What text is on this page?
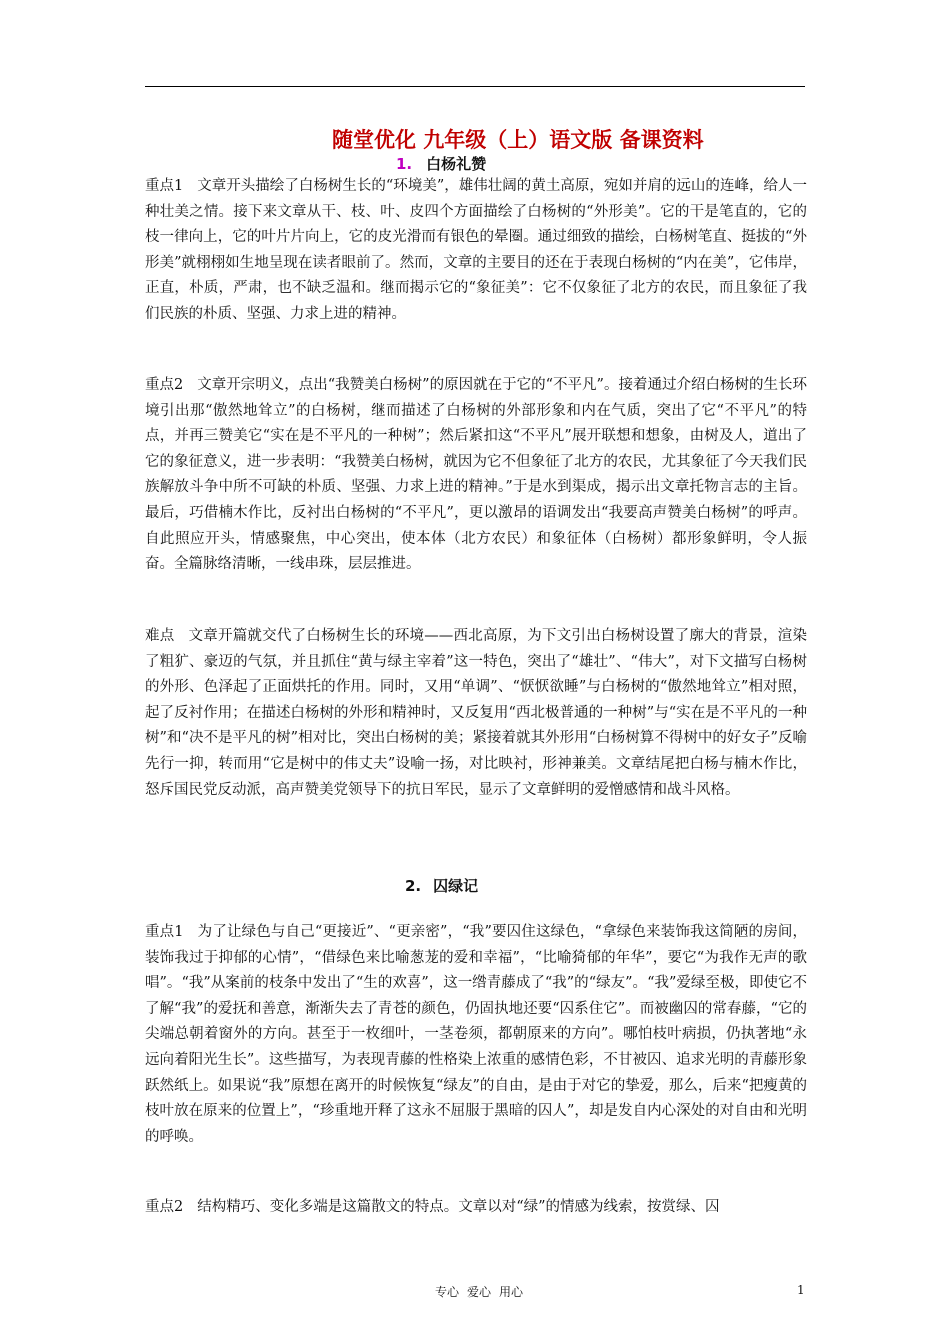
随堂优化 九年级（上）语文版 备课资料
1. 白杨礼赞

重点1 文章开头描绘了白杨树生长的“环境美”，雄伟壮阔的黄土高原，宛如并肩的远山的连峰，给人一种壮美之情。接下来文章从干、枝、叶、皮四个方面描绘了白杨树的“外形美”。它的干是笔直的，它的枝一律向上，它的叶片片向上，它的皮光滑而有银色的晕圈。通过细致的描绘，白杨树笔直、挺拔的“外形美”就栩栩如生地呈现在读者眼前了。然而，文章的主要目的还在于表现白杨树的“内在美”，它伟岸，正直，朴质，严肃，也不缺乏温和。继而揭示它的“象征美”：它不仅象征了北方的农民，而且象征了我们民族的朴质、坚强、力求上进的精神。

重点2 文章开宗明义，点出“我赞美白杨树”的原因就在于它的“不平凡”。接着通过介绍白杨树的生长环境引出那“傲然地耸立”的白杨树，继而描述了白杨树的外部形象和内在气质，突出了它“不平凡”的特点，并再三赞美它“实在是不平凡的一种树”；然后紧扣这“不平凡”展开联想和想象，由树及人，道出了它的象征意义，进一步表明：“我赞美白杨树，就因为它不但象征了北方的农民，尤其象征了今天我们民族解放斗争中所不可缺的朴质、坚强、力求上进的精神。”于是水到渠成，揭示出文章托物言志的主旨。最后，巧借楠木作比，反衬出白杨树的“不平凡”，更以激昂的语调发出“我要高声赞美白杨树”的呼声。自此照应开头，情感聚焦，中心突出，使本体（北方农民）和象征体（白杨树）都形象鲜明，令人振奋。全篇脉络清晰，一线串珠，层层推进。

难点 文章开篇就交代了白杨树生长的环境——西北高原，为下文引出白杨树设置了廓大的背景，渲染了粗犷、豪迈的气氛，并且抓住“黄与绿主宰着”这一特色，突出了“雄壮”、“伟大”，对下文描写白杨树的外形、色泽起了正面烘托的作用。同时，又用“单调”、“恹恹欲睡”与白杨树的“傲然地耸立”相对照，起了反衬作用；在描述白杨树的外形和精神时，又反复用“西北极普通的一种树”与“实在是不平凡的一种树”和“决不是平凡的树”相对比，突出白杨树的美；紧接着就其外形用“白杨树算不得树中的好女子”反喻先行一抑，转而用“它是树中的伟丈夫”设喻一扬，对比映衬，形神兼美。文章结尾把白杨与楠木作比，怒斥国民党反动派，高声赞美党领导下的抗日军民，显示了文章鲜明的爱憎感情和战斗风格。

2. 囚绿记

重点1 为了让绿色与自己“更接近”、“更亲密”，“我”要囚住这绿色，“拿绿色来装饰我这简陋的房间，装饰我过于抑郁的心情”，“借绿色来比喻葱茏的爱和幸福”，“比喻猗郁的年华”，要它“为我作无声的歌唱”。“我”从案前的枝条中发出了“生的欢喜”，这一绺青藤成了“我”的“绿友”。“我”爱绿至极，即使它不了解“我”的爱抚和善意，渐渐失去了青苍的颜色，仍固执地还要“囚系住它”。而被幽囚的常春藤，“它的尖端总朝着窗外的方向。甚至于一枚细叶，一茎卷须，都朝原来的方向”。哪怕枝叶病损，仍执著地“永远向着阳光生长”。这些描写，为表现青藤的性格染上浓重的感情色彩，不甘被囚、追求光明的青藤形象跃然纸上。如果说“我”原想在离开的时候恢复“绿友”的自由，是由于对它的挚爱，那么，后来“把瘦黄的枝叶放在原来的位置上”，“珍重地开释了这永不屈服于黑暗的囚人”，却是发自内心深处的对自由和光明的呼唤。

重点2 结构精巧、变化多端是这篇散文的特点。文章以对“绿”的情感为线索，按赏绿、囚

专心 爱心 用心	1
